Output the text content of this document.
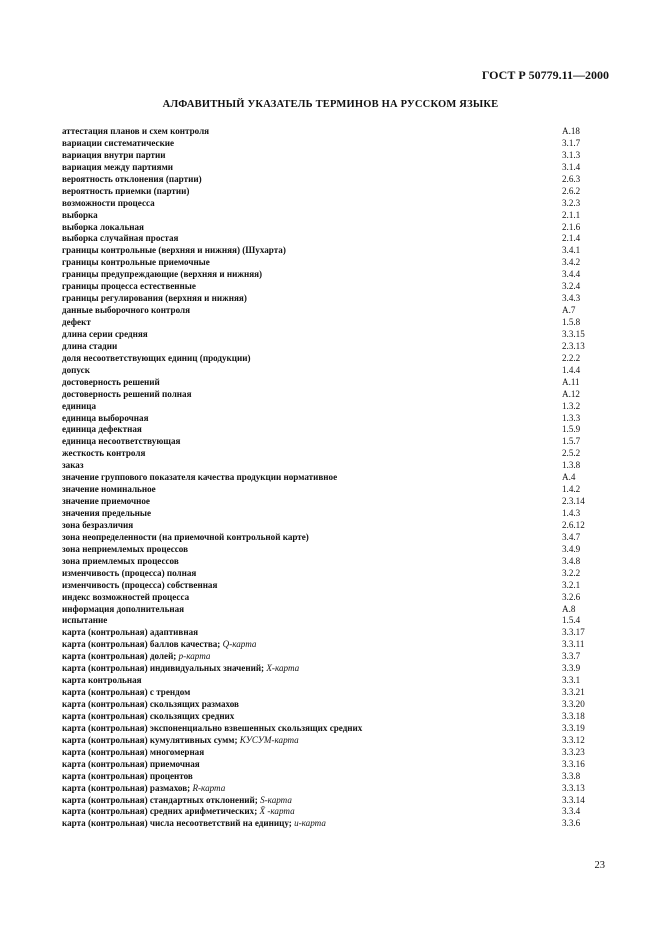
ГОСТ Р 50779.11—2000
АЛФАВИТНЫЙ УКАЗАТЕЛЬ ТЕРМИНОВ НА РУССКОМ ЯЗЫКЕ
аттестация планов и схем контроля	A.18
вариации систематические	3.1.7
вариация внутри партии	3.1.3
вариация между партиями	3.1.4
вероятность отклонения (партии)	2.6.3
вероятность приемки (партии)	2.6.2
возможности процесса	3.2.3
выборка	2.1.1
выборка локальная	2.1.6
выборка случайная простая	2.1.4
границы контрольные (верхняя и нижняя) (Шухарта)	3.4.1
границы контрольные приемочные	3.4.2
границы предупреждающие (верхняя и нижняя)	3.4.4
границы процесса естественные	3.2.4
границы регулирования (верхняя и нижняя)	3.4.3
данные выборочного контроля	A.7
дефект	1.5.8
длина серии средняя	3.3.15
длина стадии	2.3.13
доля несоответствующих единиц (продукции)	2.2.2
допуск	1.4.4
достоверность решений	A.11
достоверность решений полная	A.12
единица	1.3.2
единица выборочная	1.3.3
единица дефектная	1.5.9
единица несоответствующая	1.5.7
жесткость контроля	2.5.2
заказ	1.3.8
значение группового показателя качества продукции нормативное	A.4
значение номинальное	1.4.2
значение приемочное	2.3.14
значения предельные	1.4.3
зона безразличия	2.6.12
зона неопределенности (на приемочной контрольной карте)	3.4.7
зона неприемлемых процессов	3.4.9
зона приемлемых процессов	3.4.8
изменчивость (процесса) полная	3.2.2
изменчивость (процесса) собственная	3.2.1
индекс возможностей процесса	3.2.6
информация дополнительная	A.8
испытание	1.5.4
карта (контрольная) адаптивная	3.3.17
карта (контрольная) баллов качества; Q-карта	3.3.11
карта (контрольная) долей; p-карта	3.3.7
карта (контрольная) индивидуальных значений; X-карта	3.3.9
карта контрольная	3.3.1
карта (контрольная) с трендом	3.3.21
карта (контрольная) скользящих размахов	3.3.20
карта (контрольная) скользящих средних	3.3.18
карта (контрольная) экспоненциально взвешенных скользящих средних	3.3.19
карта (контрольная) кумулятивных сумм; КУСУМ-карта	3.3.12
карта (контрольная) многомерная	3.3.23
карта (контрольная) приемочная	3.3.16
карта (контрольная) процентов	3.3.8
карта (контрольная) размахов; R-карта	3.3.13
карта (контрольная) стандартных отклонений; S-карта	3.3.14
карта (контрольная) средних арифметических; X̄ -карта	3.3.4
карта (контрольная) числа несоответствий на единицу; u-карта	3.3.6
23
